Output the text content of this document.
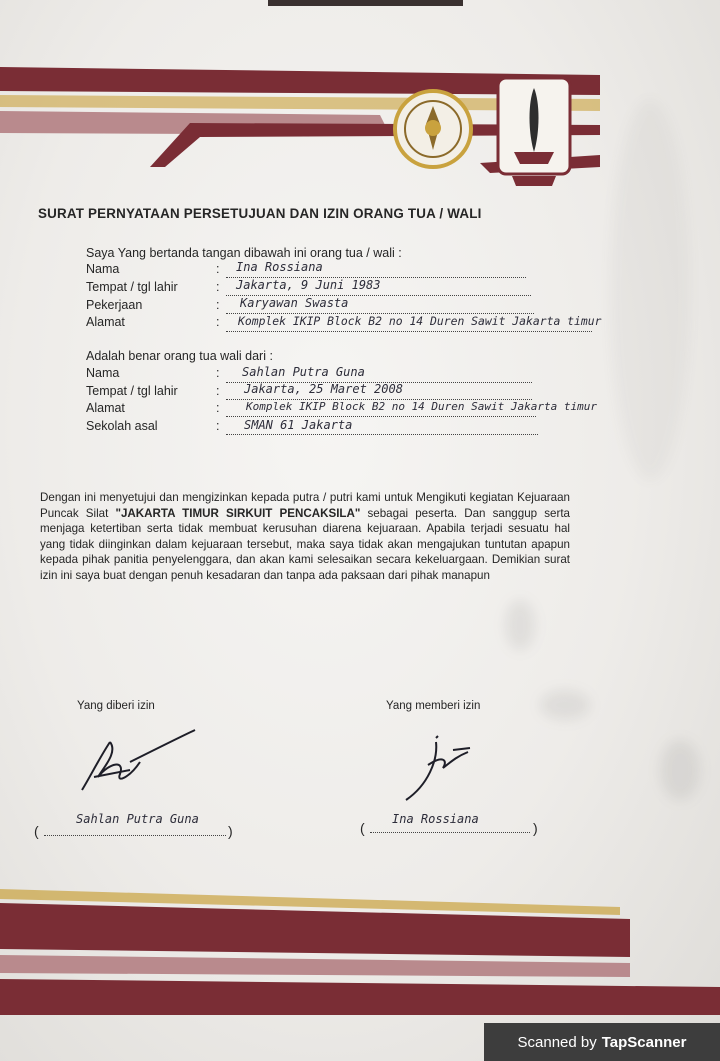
SURAT PERNYATAAN PERSETUJUAN DAN IZIN ORANG TUA / WALI
Saya Yang bertanda tangan dibawah ini orang tua / wali :
Nama	: Ina Rossiana
Tempat / tgl lahir	: Jakarta, 9 Juni 1983
Pekerjaan	: Karyawan Swasta
Alamat	: Komplek IKIP Block B2 no 14 Duren Sawit Jakarta timur
Adalah benar orang tua wali dari :
Nama	: Sahlan Putra Guna
Tempat / tgl lahir	: Jakarta, 25 Maret 2008
Alamat	: Komplek IKIP Block B2 no 14 Duren Sawit Jakarta timur
Sekolah asal	: SMAN 61 Jakarta
Dengan ini menyetujui dan mengizinkan kepada putra / putri kami untuk Mengikuti kegiatan Kejuaraan Puncak Silat "JAKARTA TIMUR SIRKUIT PENCAKSILA" sebagai peserta. Dan sanggup serta menjaga ketertiban serta tidak membuat kerusuhan diarena kejuaraan. Apabila terjadi sesuatu hal yang tidak diinginkan dalam kejuaraan tersebut, maka saya tidak akan mengajukan tuntutan apapun kepada pihak panitia penyelenggara, dan akan kami selesaikan secara kekeluargaan. Demikian surat izin ini saya buat dengan penuh kesadaran dan tanpa ada paksaan dari pihak manapun
Yang diberi izin	Yang memberi izin
(
Sahlan Putra Guna
)	(
Ina Rossiana
)
Scanned by TapScanner
